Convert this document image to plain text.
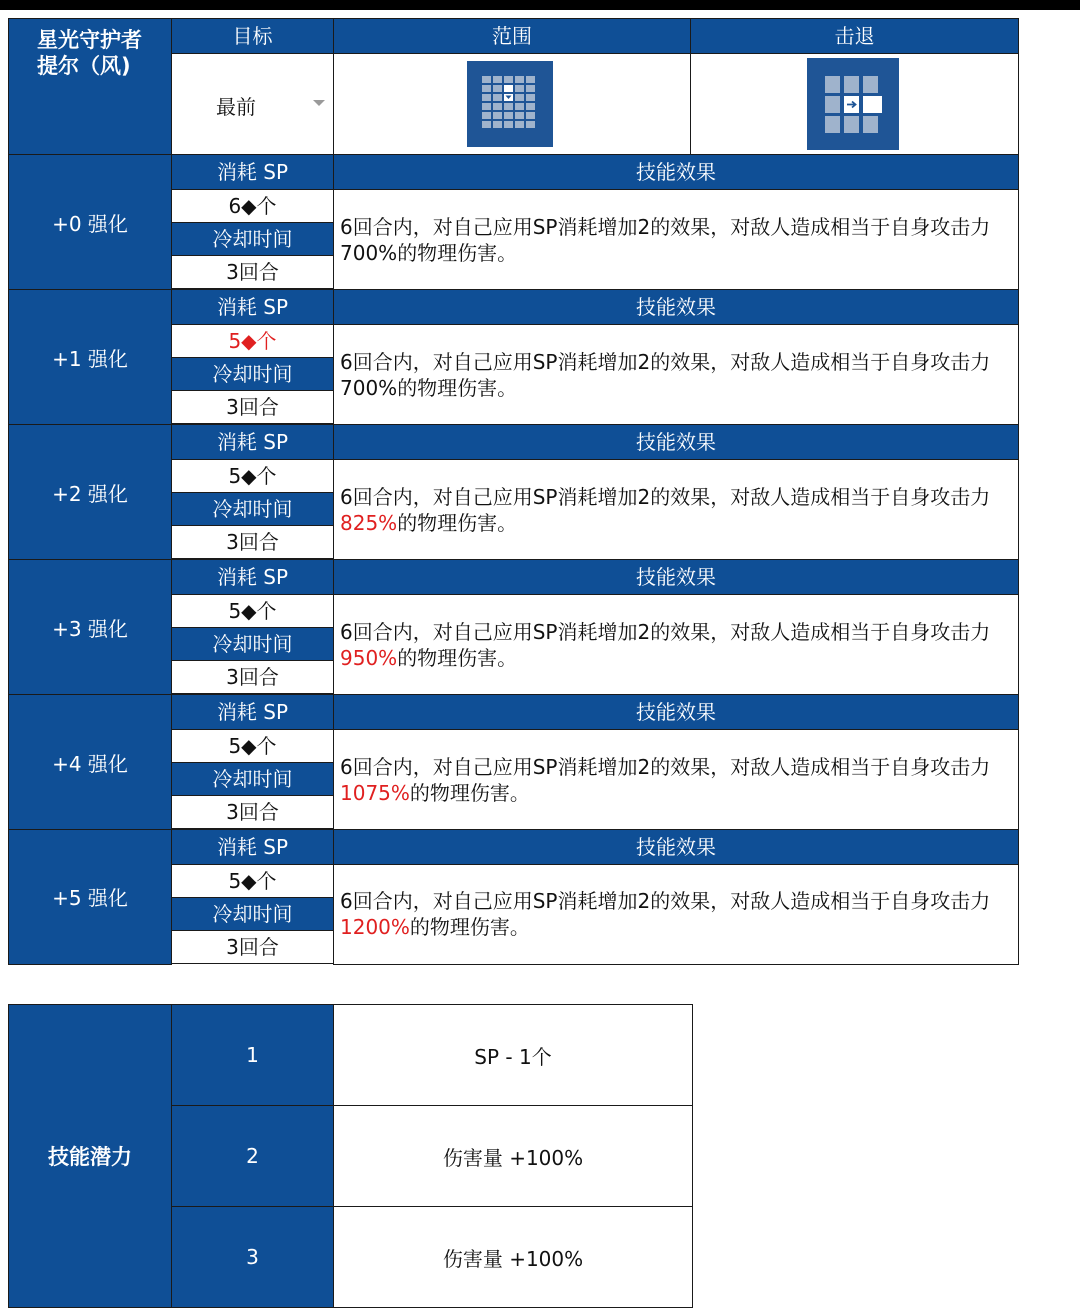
星光守护者
提尔（风)	目标	范围	击退

	最前

+0 强化	消耗 SP	技能效果	
	6◆个	6回合内，对自己应用SP消耗增加2的效果，对敌人造成相当于自身攻击力700%的物理伤害。	
	冷却时间		
	3回合		

+1 强化	消耗 SP	技能效果	
	5◆个	6回合内，对自己应用SP消耗增加2的效果，对敌人造成相当于自身攻击力700%的物理伤害。	
	冷却时间		
	3回合		

+2 强化	消耗 SP	技能效果	
	5◆个	6回合内，对自己应用SP消耗增加2的效果，对敌人造成相当于自身攻击力825%的物理伤害。	
	冷却时间		
	3回合		

+3 强化	消耗 SP	技能效果	
	5◆个	6回合内，对自己应用SP消耗增加2的效果，对敌人造成相当于自身攻击力950%的物理伤害。	
	冷却时间		
	3回合		

+4 强化	消耗 SP	技能效果	
	5◆个	6回合内，对自己应用SP消耗增加2的效果，对敌人造成相当于自身攻击力1075%的物理伤害。	
	冷却时间		
	3回合		

+5 强化	消耗 SP	技能效果	
	5◆个	6回合内，对自己应用SP消耗增加2的效果，对敌人造成相当于自身攻击力1200%的物理伤害。	
	冷却时间		
	3回合		

技能潜力	1	SP - 1个
	2	伤害量 +100%
	3	伤害量 +100%
